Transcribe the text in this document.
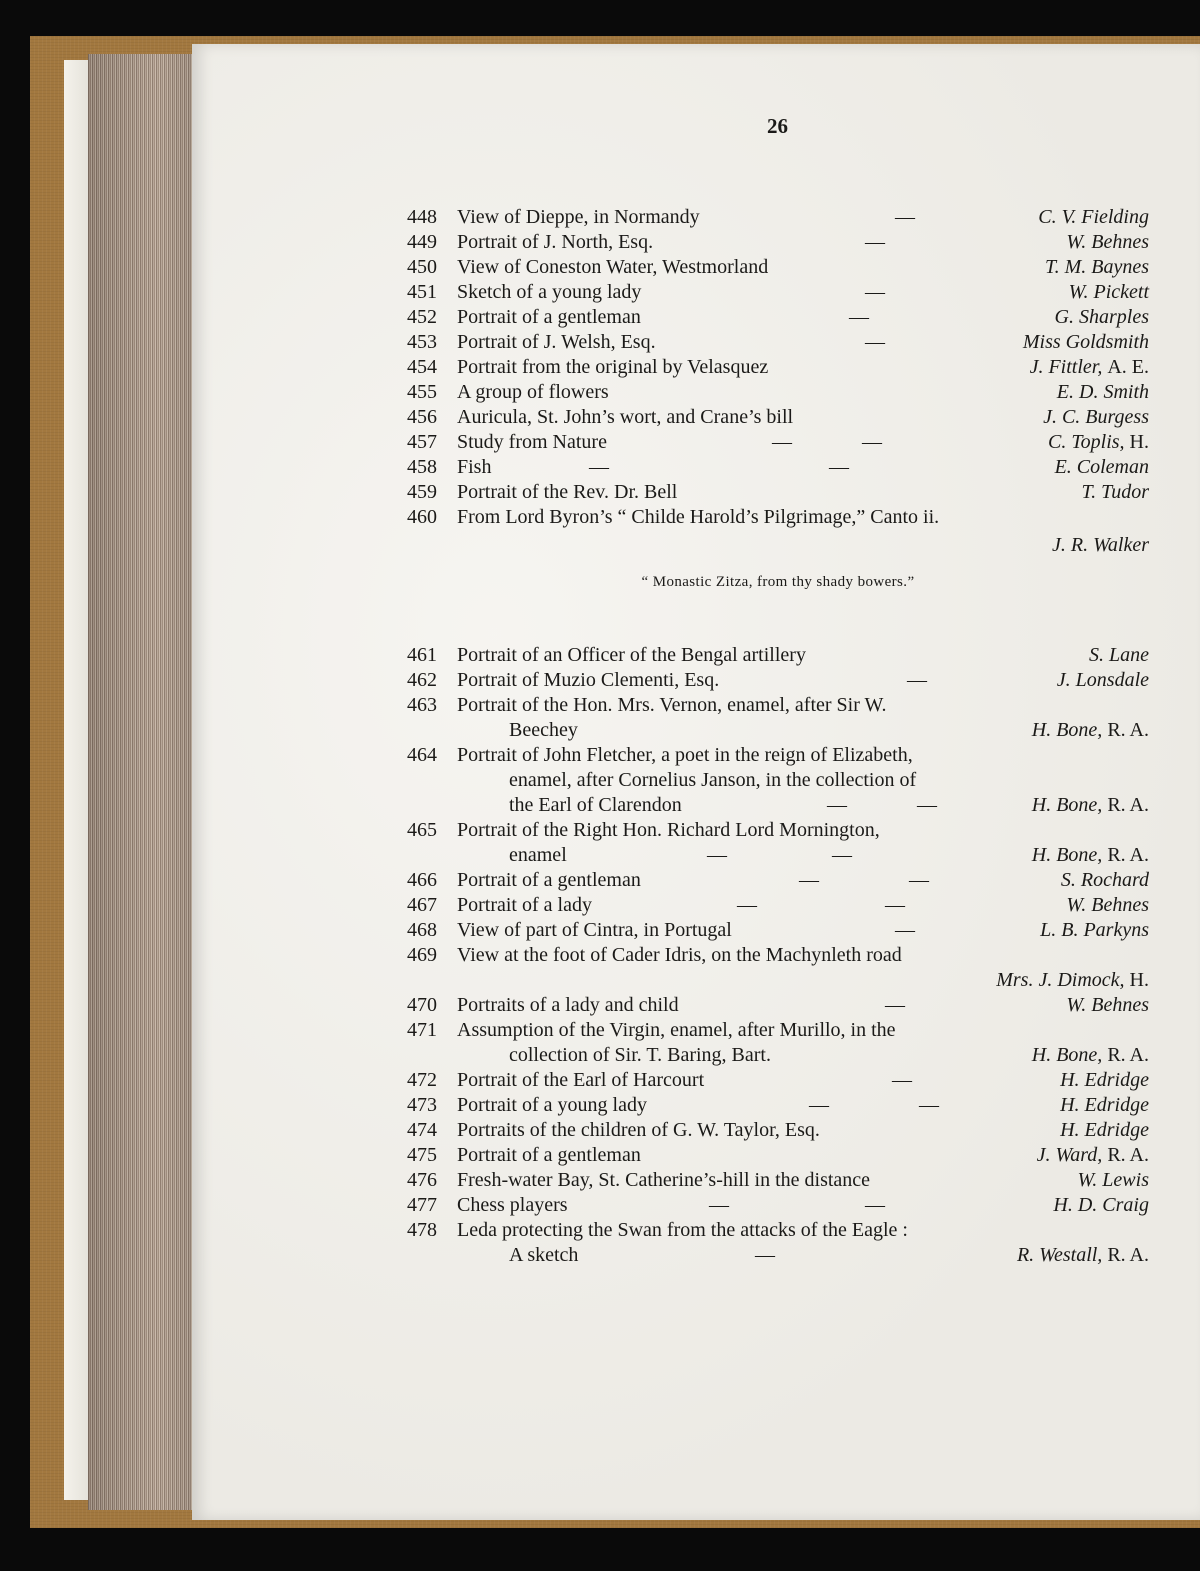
26
448	View of Dieppe, in Normandy	—	C. V. Fielding
449	Portrait of J. North, Esq.	—	W. Behnes
450	View of Coneston Water, Westmorland	T. M. Baynes
451	Sketch of a young lady	—	W. Pickett
452	Portrait of a gentleman	—	G. Sharples
453	Portrait of J. Welsh, Esq.	—	Miss Goldsmith
454	Portrait from the original by Velasquez	J. Fittler, A. E.
455	A group of flowers	E. D. Smith
456	Auricula, St. John’s wort, and Crane’s bill	J. C. Burgess
457	Study from Nature	—	—	C. Toplis, H.
458	Fish	—	—	E. Coleman
459	Portrait of the Rev. Dr. Bell	T. Tudor
460	From Lord Byron’s “ Childe Harold’s Pilgrimage,” Canto ii.
J. R. Walker
“ Monastic Zitza, from thy shady bowers.”
461	Portrait of an Officer of the Bengal artillery	S. Lane
462	Portrait of Muzio Clementi, Esq.	—	J. Lonsdale
463	Portrait of the Hon. Mrs. Vernon, enamel, after Sir W.
Beechey	H. Bone, R. A.
464	Portrait of John Fletcher, a poet in the reign of Elizabeth,
enamel, after Cornelius Janson, in the collection of
the Earl of Clarendon	—	—	H. Bone, R. A.
465	Portrait of the Right Hon. Richard Lord Mornington,
enamel	—	—	H. Bone, R. A.
466	Portrait of a gentleman	—	—	S. Rochard
467	Portrait of a lady	—	—	W. Behnes
468	View of part of Cintra, in Portugal	—	L. B. Parkyns
469	View at the foot of Cader Idris, on the Machynleth road
Mrs. J. Dimock, H.
470	Portraits of a lady and child	—	W. Behnes
471	Assumption of the Virgin, enamel, after Murillo, in the
collection of Sir. T. Baring, Bart.	H. Bone, R. A.
472	Portrait of the Earl of Harcourt	—	H. Edridge
473	Portrait of a young lady	—	—	H. Edridge
474	Portraits of the children of G. W. Taylor, Esq.	H. Edridge
475	Portrait of a gentleman	J. Ward, R. A.
476	Fresh-water Bay, St. Catherine’s-hill in the distance	W. Lewis
477	Chess players	—	—	H. D. Craig
478	Leda protecting the Swan from the attacks of the Eagle :
A sketch	—	R. Westall, R. A.
